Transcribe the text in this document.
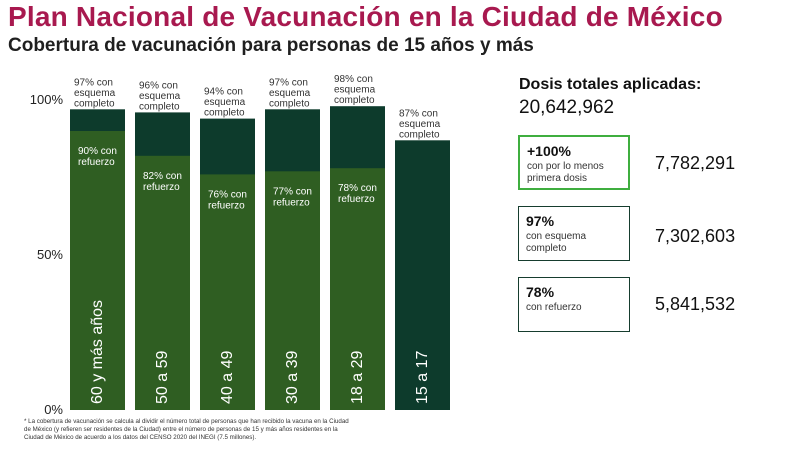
Plan Nacional de Vacunación en la Ciudad de México
Cobertura de vacunación para personas de 15 años y más
100%
50%
0%
97% con esquema completo
90% con refuerzo
60 y más años
96% con esquema completo
82% con refuerzo
50 a 59
94% con esquema completo
76% con refuerzo
40 a 49
97% con esquema completo
77% con refuerzo
30 a 39
98% con esquema completo
78% con refuerzo
18 a 29
87% con esquema completo
15 a 17

* La cobertura de vacunación se calcula al dividir el número total de personas que han recibido la vacuna en la Ciudad de México (y refieren ser residentes de la Ciudad) entre el número de personas de 15 y más años residentes en la Ciudad de México de acuerdo a los datos del CENSO 2020 del INEGI (7.5 millones).

Dosis totales aplicadas:
20,642,962
+100%
con por lo menos primera dosis
7,782,291
97%
con esquema completo
7,302,603
78%
con refuerzo	5,841,532
